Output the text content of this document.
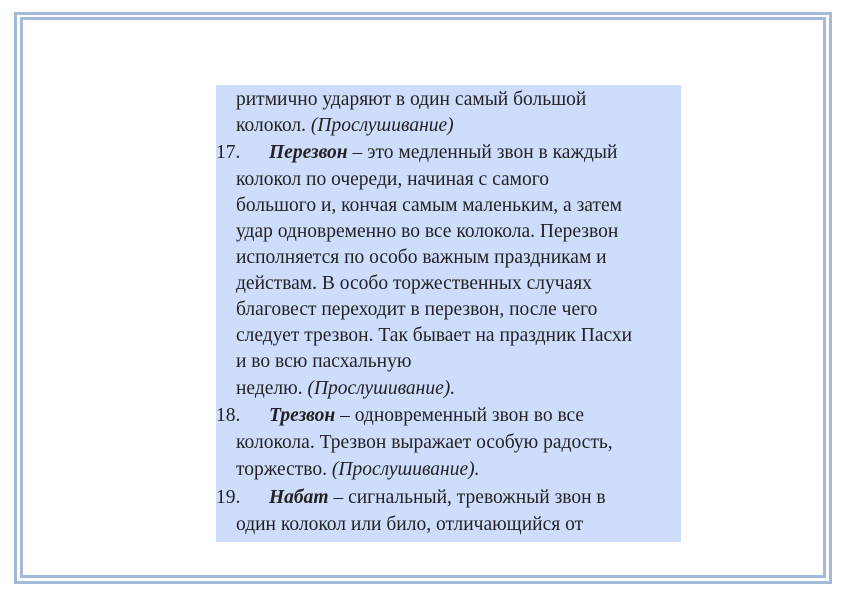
ритмично ударяют в один самый большой
колокол. (Прослушивание)
17. Перезвон – это медленный звон в каждый
колокол по очереди, начиная с самого
большого и, кончая самым маленьким, а затем
удар одновременно во все колокола. Перезвон
исполняется по особо важным праздникам и
действам. В особо торжественных случаях
благовест переходит в перезвон, после чего
следует трезвон. Так бывает на праздник Пасхи
и во всю пасхальную
неделю. (Прослушивание).
18. Трезвон – одновременный звон во все
колокола. Трезвон выражает особую радость,
торжество. (Прослушивание).
19. Набат – сигнальный, тревожный звон в
один колокол или било, отличающийся от
